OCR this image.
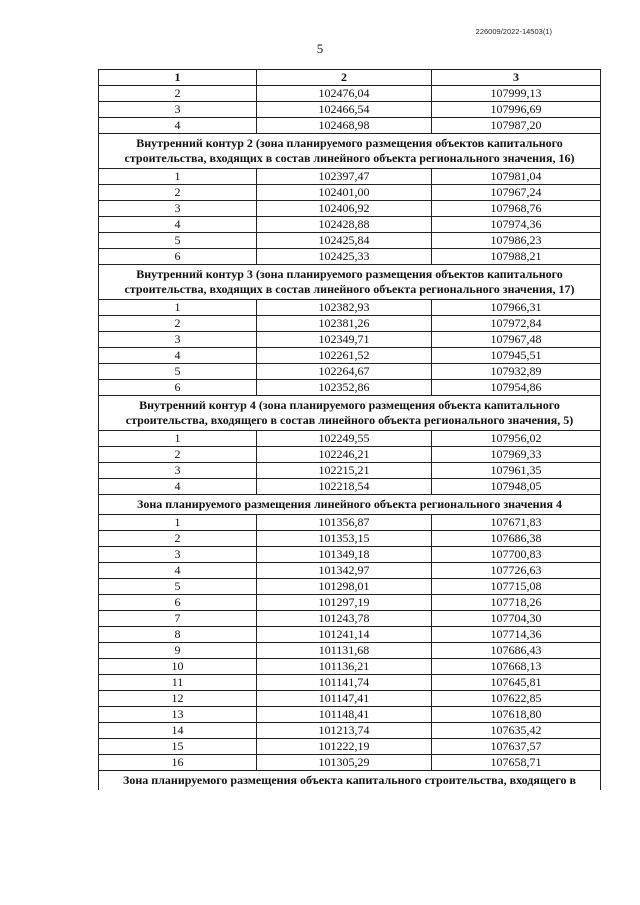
226009/2022-14503(1)
5
1	2	3
2	102476,04	107999,13
3	102466,54	107996,69
4	102468,98	107987,20
Внутренний контур 2 (зона планируемого размещения объектов капитального строительства, входящих в состав линейного объекта регионального значения, 16)		
1	102397,47	107981,04
2	102401,00	107967,24
3	102406,92	107968,76
4	102428,88	107974,36
5	102425,84	107986,23
6	102425,33	107988,21
Внутренний контур 3 (зона планируемого размещения объектов капитального строительства, входящих в состав линейного объекта регионального значения, 17)		
1	102382,93	107966,31
2	102381,26	107972,84
3	102349,71	107967,48
4	102261,52	107945,51
5	102264,67	107932,89
6	102352,86	107954,86
Внутренний контур 4 (зона планируемого размещения объекта капитального строительства, входящего в состав линейного объекта регионального значения, 5)		
1	102249,55	107956,02
2	102246,21	107969,33
3	102215,21	107961,35
4	102218,54	107948,05
Зона планируемого размещения линейного объекта регионального значения 4		
1	101356,87	107671,83
2	101353,15	107686,38
3	101349,18	107700,83
4	101342,97	107726,63
5	101298,01	107715,08
6	101297,19	107718,26
7	101243,78	107704,30
8	101241,14	107714,36
9	101131,68	107686,43
10	101136,21	107668,13
11	101141,74	107645,81
12	101147,41	107622,85
13	101148,41	107618,80
14	101213,74	107635,42
15	101222,19	107637,57
16	101305,29	107658,71
Зона планируемого размещения объекта капитального строительства, входящего в		
